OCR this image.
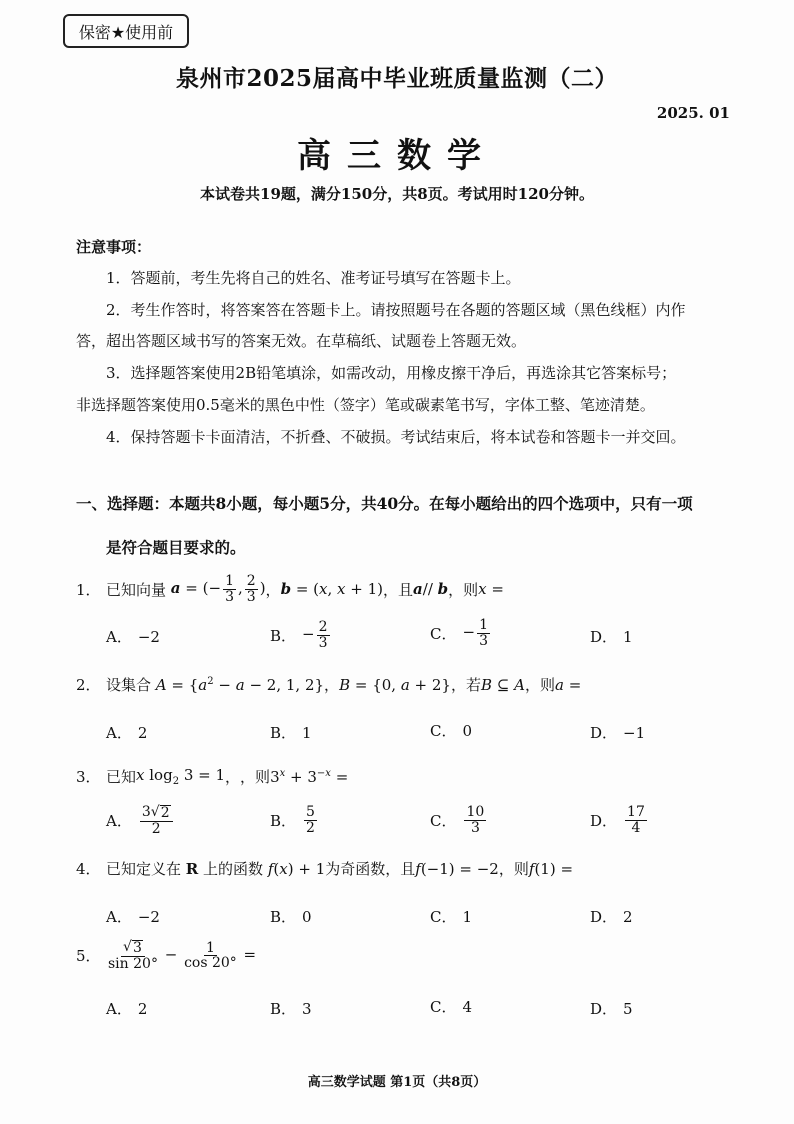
保密★使用前
泉州市2025届高中毕业班质量监测（二）
2025. 01
高三数学
本试卷共19题，满分150分，共8页。考试用时120分钟。
注意事项：
1．答题前，考生先将自己的姓名、准考证号填写在答题卡上。
2．考生作答时，将答案答在答题卡上。请按照题号在各题的答题区域（黑色线框）内作
答，超出答题区域书写的答案无效。在草稿纸、试题卷上答题无效。
3．选择题答案使用2B铅笔填涂，如需改动，用橡皮擦干净后，再选涂其它答案标号；
非选择题答案使用0.5毫米的黑色中性（签字）笔或碳素笔书写，字体工整、笔迹清楚。
4．保持答题卡卡面清洁，不折叠、不破损。考试结束后，将本试卷和答题卡一并交回。
一、选择题：本题共8小题，每小题5分，共40分。在每小题给出的四个选项中，只有一项
是符合题目要求的。
1． 已知向量 a = (− $\frac{1}{3}$ , $\frac{2}{3}$ ) ， b = (x, x + 1) ，且 a// b ，则 x =
A． −2	B． − $\frac{2}{3}$	C． − $\frac{1}{3}$	D． 1
2． 设集合 $A = \{a^2 - a - 2$, 1, 2} ， B = {0, a + 2} ，若 B ⊆ A ，则 a =
A． 2	B． 1	C． 0	D． −1
3． 已知 x $\log_2 3 = 1$ ， ，则 $3^x + 3^{-x}$ =
A． $\frac{3√ 2}{2}$	B． $\frac{5}{2}$	C． $\frac{10}{3}$	D． $\frac{17}{4}$
4． 已知定义在 R 上的函数 f(x) + 1 为奇函数，且 f(−1) = −2 ，则 f(1) =
A． −2	B． 0	C． 1	D． 2
5． $\frac{√ 3}{\sin 20^\circ} - \frac{1}{\cos 20^\circ}$ =
A． 2	B． 3	C． 4	D． 5
高三数学试题 第1页（共8页）
